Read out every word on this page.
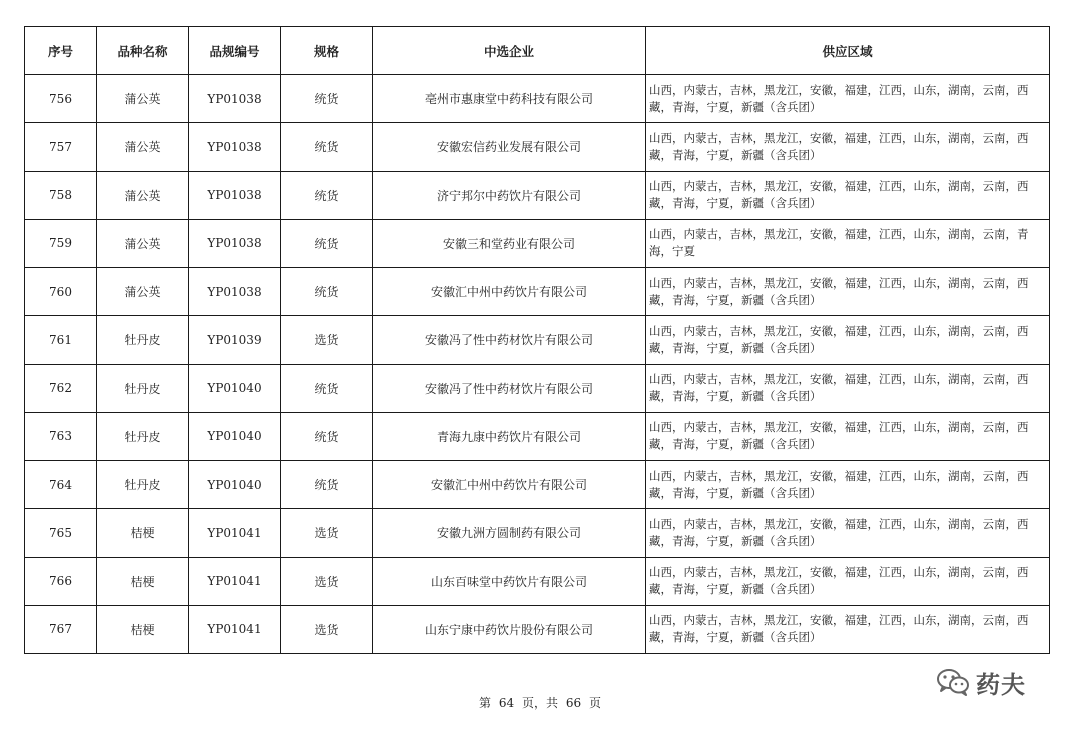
序号	品种名称	品规编号	规格	中选企业	供应区域
756	蒲公英	YP01038	统货	亳州市惠康堂中药科技有限公司	山西，内蒙古，吉林，黑龙江，安徽，福建，江西，山东，湖南，云南，西藏，青海，宁夏，新疆（含兵团）
757	蒲公英	YP01038	统货	安徽宏信药业发展有限公司	山西，内蒙古，吉林，黑龙江，安徽，福建，江西，山东，湖南，云南，西藏，青海，宁夏，新疆（含兵团）
758	蒲公英	YP01038	统货	济宁邦尔中药饮片有限公司	山西，内蒙古，吉林，黑龙江，安徽，福建，江西，山东，湖南，云南，西藏，青海，宁夏，新疆（含兵团）
759	蒲公英	YP01038	统货	安徽三和堂药业有限公司	山西，内蒙古，吉林，黑龙江，安徽，福建，江西，山东，湖南，云南，青海，宁夏
760	蒲公英	YP01038	统货	安徽汇中州中药饮片有限公司	山西，内蒙古，吉林，黑龙江，安徽，福建，江西，山东，湖南，云南，西藏，青海，宁夏，新疆（含兵团）
761	牡丹皮	YP01039	选货	安徽冯了性中药材饮片有限公司	山西，内蒙古，吉林，黑龙江，安徽，福建，江西，山东，湖南，云南，西藏，青海，宁夏，新疆（含兵团）
762	牡丹皮	YP01040	统货	安徽冯了性中药材饮片有限公司	山西，内蒙古，吉林，黑龙江，安徽，福建，江西，山东，湖南，云南，西藏，青海，宁夏，新疆（含兵团）
763	牡丹皮	YP01040	统货	青海九康中药饮片有限公司	山西，内蒙古，吉林，黑龙江，安徽，福建，江西，山东，湖南，云南，西藏，青海，宁夏，新疆（含兵团）
764	牡丹皮	YP01040	统货	安徽汇中州中药饮片有限公司	山西，内蒙古，吉林，黑龙江，安徽，福建，江西，山东，湖南，云南，西藏，青海，宁夏，新疆（含兵团）
765	桔梗	YP01041	选货	安徽九洲方圆制药有限公司	山西，内蒙古，吉林，黑龙江，安徽，福建，江西，山东，湖南，云南，西藏，青海，宁夏，新疆（含兵团）
766	桔梗	YP01041	选货	山东百味堂中药饮片有限公司	山西，内蒙古，吉林，黑龙江，安徽，福建，江西，山东，湖南，云南，西藏，青海，宁夏，新疆（含兵团）
767	桔梗	YP01041	选货	山东宁康中药饮片股份有限公司	山西，内蒙古，吉林，黑龙江，安徽，福建，江西，山东，湖南，云南，西藏，青海，宁夏，新疆（含兵团）
第 64 页，共 66 页
药夫
